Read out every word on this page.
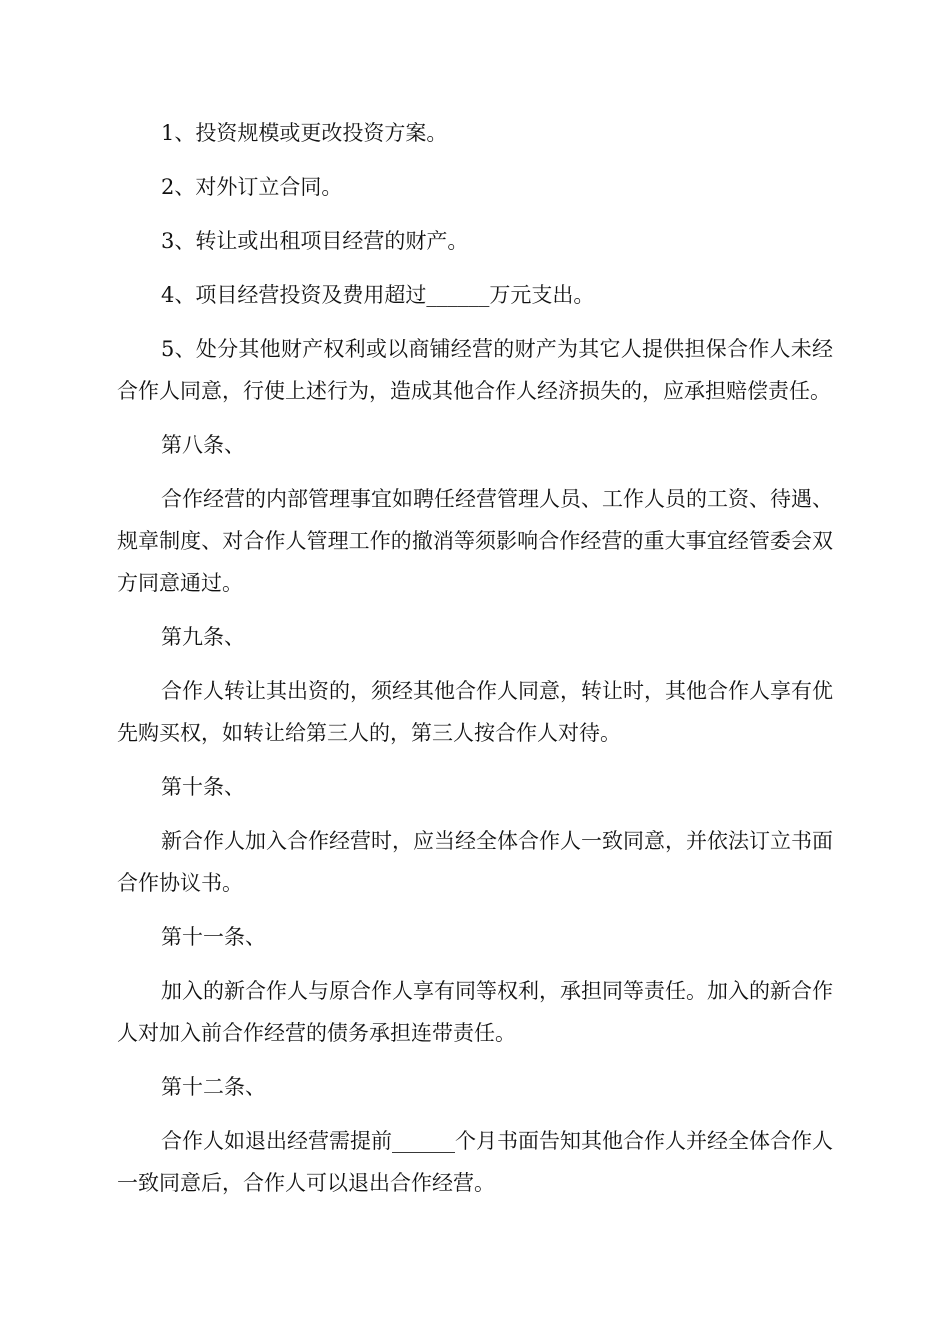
1、投资规模或更改投资方案。

2、对外订立合同。

3、转让或出租项目经营的财产。

4、项目经营投资及费用超过______万元支出。

5、处分其他财产权利或以商铺经营的财产为其它人提供担保合作人未经合作人同意，行使上述行为，造成其他合作人经济损失的，应承担赔偿责任。

第八条、

合作经营的内部管理事宜如聘任经营管理人员、工作人员的工资、待遇、规章制度、对合作人管理工作的撤消等须影响合作经营的重大事宜经管委会双方同意通过。

第九条、

合作人转让其出资的，须经其他合作人同意，转让时，其他合作人享有优先购买权，如转让给第三人的，第三人按合作人对待。

第十条、

新合作人加入合作经营时，应当经全体合作人一致同意，并依法订立书面合作协议书。

第十一条、

加入的新合作人与原合作人享有同等权利，承担同等责任。加入的新合作人对加入前合作经营的债务承担连带责任。

第十二条、

合作人如退出经营需提前______个月书面告知其他合作人并经全体合作人一致同意后，合作人可以退出合作经营。
